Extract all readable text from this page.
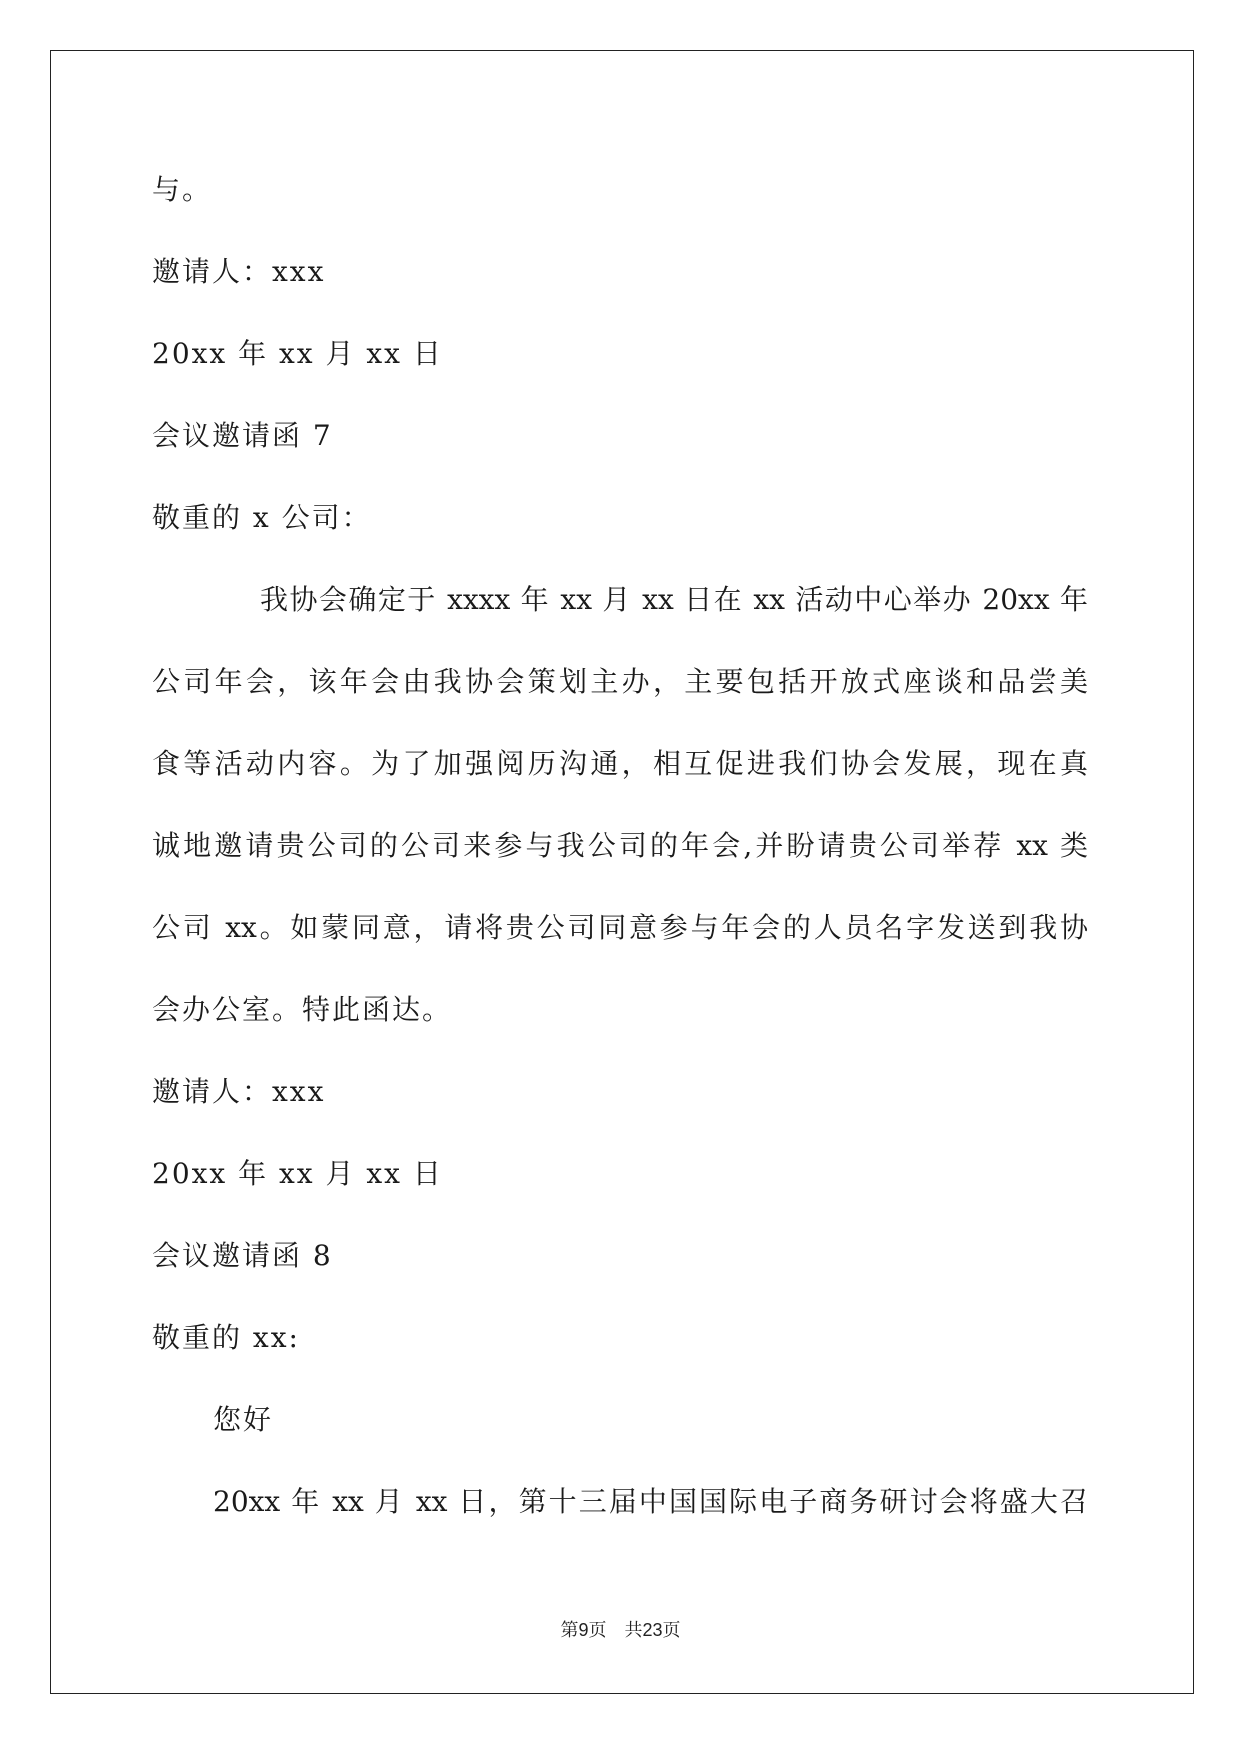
与。
邀请人：xxx
20xx 年 xx 月 xx 日
会议邀请函 7
敬重的 x 公司：
我协会确定于 xxxx 年 xx 月 xx 日在 xx 活动中心举办 20xx 年
公司年会，该年会由我协会策划主办，主要包括开放式座谈和品尝美
食等活动内容。为了加强阅历沟通，相互促进我们协会发展，现在真
诚地邀请贵公司的公司来参与我公司的年会,并盼请贵公司举荐 xx 类
公司 xx。如蒙同意，请将贵公司同意参与年会的人员名字发送到我协
会办公室。特此函达。
邀请人：xxx
20xx 年 xx 月 xx 日
会议邀请函 8
敬重的 xx:
您好
20xx 年 xx 月 xx 日，第十三届中国国际电子商务研讨会将盛大召
第9页　共23页
